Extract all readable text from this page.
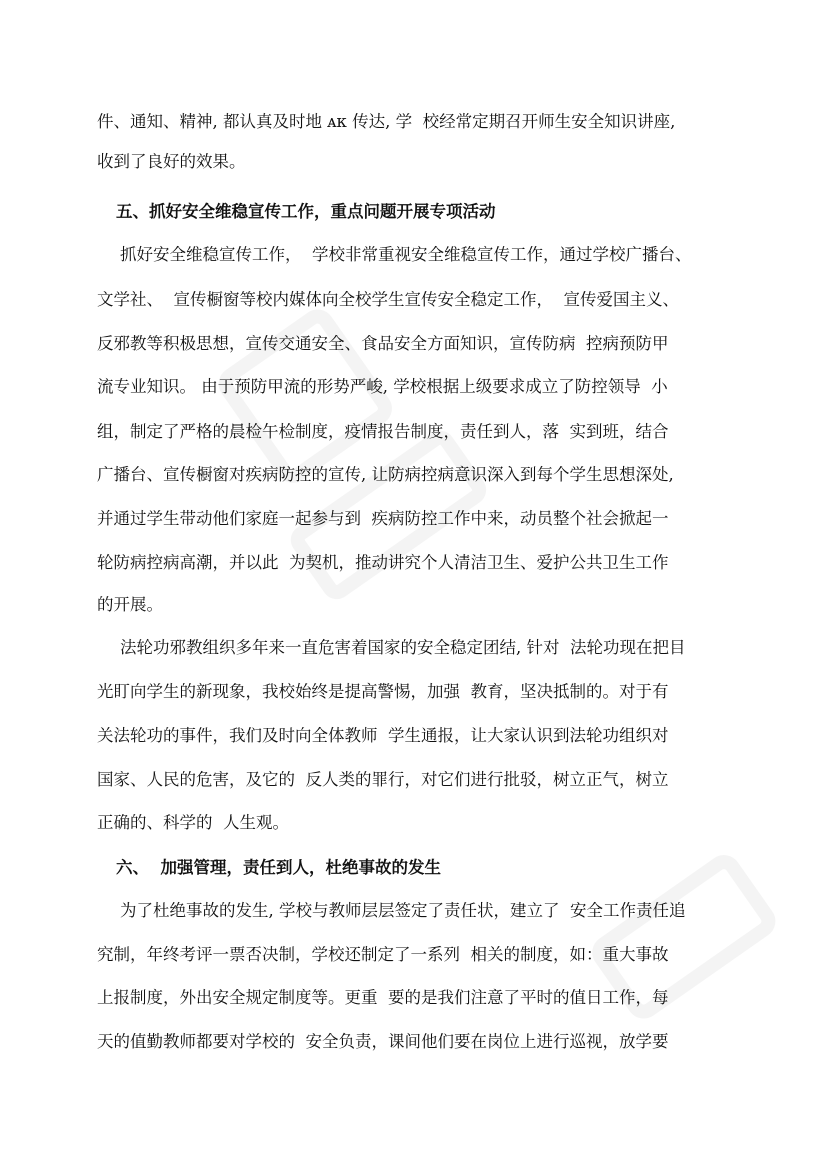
件、通知、精神, 都认真及时地 ᴀᴋ 传达, 学  校经常定期召开师生安全知识讲座,
收到了良好的效果。
五、抓好安全维稳宣传工作，重点问题开展专项活动
抓好安全维稳宣传工作，  学校非常重视安全维稳宣传工作，通过学校广播台、
文学社、  宣传橱窗等校内媒体向全校学生宣传安全稳定工作，  宣传爱国主义、
反邪教等积极思想，宣传交通安全、食品安全方面知识，宣传防病  控病预防甲
流专业知识。 由于预防甲流的形势严峻, 学校根据上级要求成立了防控领导  小
组，制定了严格的晨检午检制度，疫情报告制度，责任到人，落  实到班，结合
广播台、宣传橱窗对疾病防控的宣传, 让防病控病意识深入到每个学生思想深处,
并通过学生带动他们家庭一起参与到  疾病防控工作中来，动员整个社会掀起一
轮防病控病高潮，并以此  为契机，推动讲究个人清洁卫生、爱护公共卫生工作
的开展。
法轮功邪教组织多年来一直危害着国家的安全稳定团结, 针对  法轮功现在把目
光盯向学生的新现象，我校始终是提高警惕，加强  教育，坚决抵制的。对于有
关法轮功的事件，我们及时向全体教师  学生通报，让大家认识到法轮功组织对
国家、人民的危害，及它的  反人类的罪行，对它们进行批驳，树立正气，树立
正确的、科学的  人生观。
六、  加强管理，责任到人，杜绝事故的发生
为了杜绝事故的发生, 学校与教师层层签定了责任状，建立了  安全工作责任追
究制，年终考评一票否决制，学校还制定了一系列  相关的制度，如：重大事故
上报制度，外出安全规定制度等。更重  要的是我们注意了平时的值日工作，每
天的值勤教师都要对学校的  安全负责，课间他们要在岗位上进行巡视，放学要
